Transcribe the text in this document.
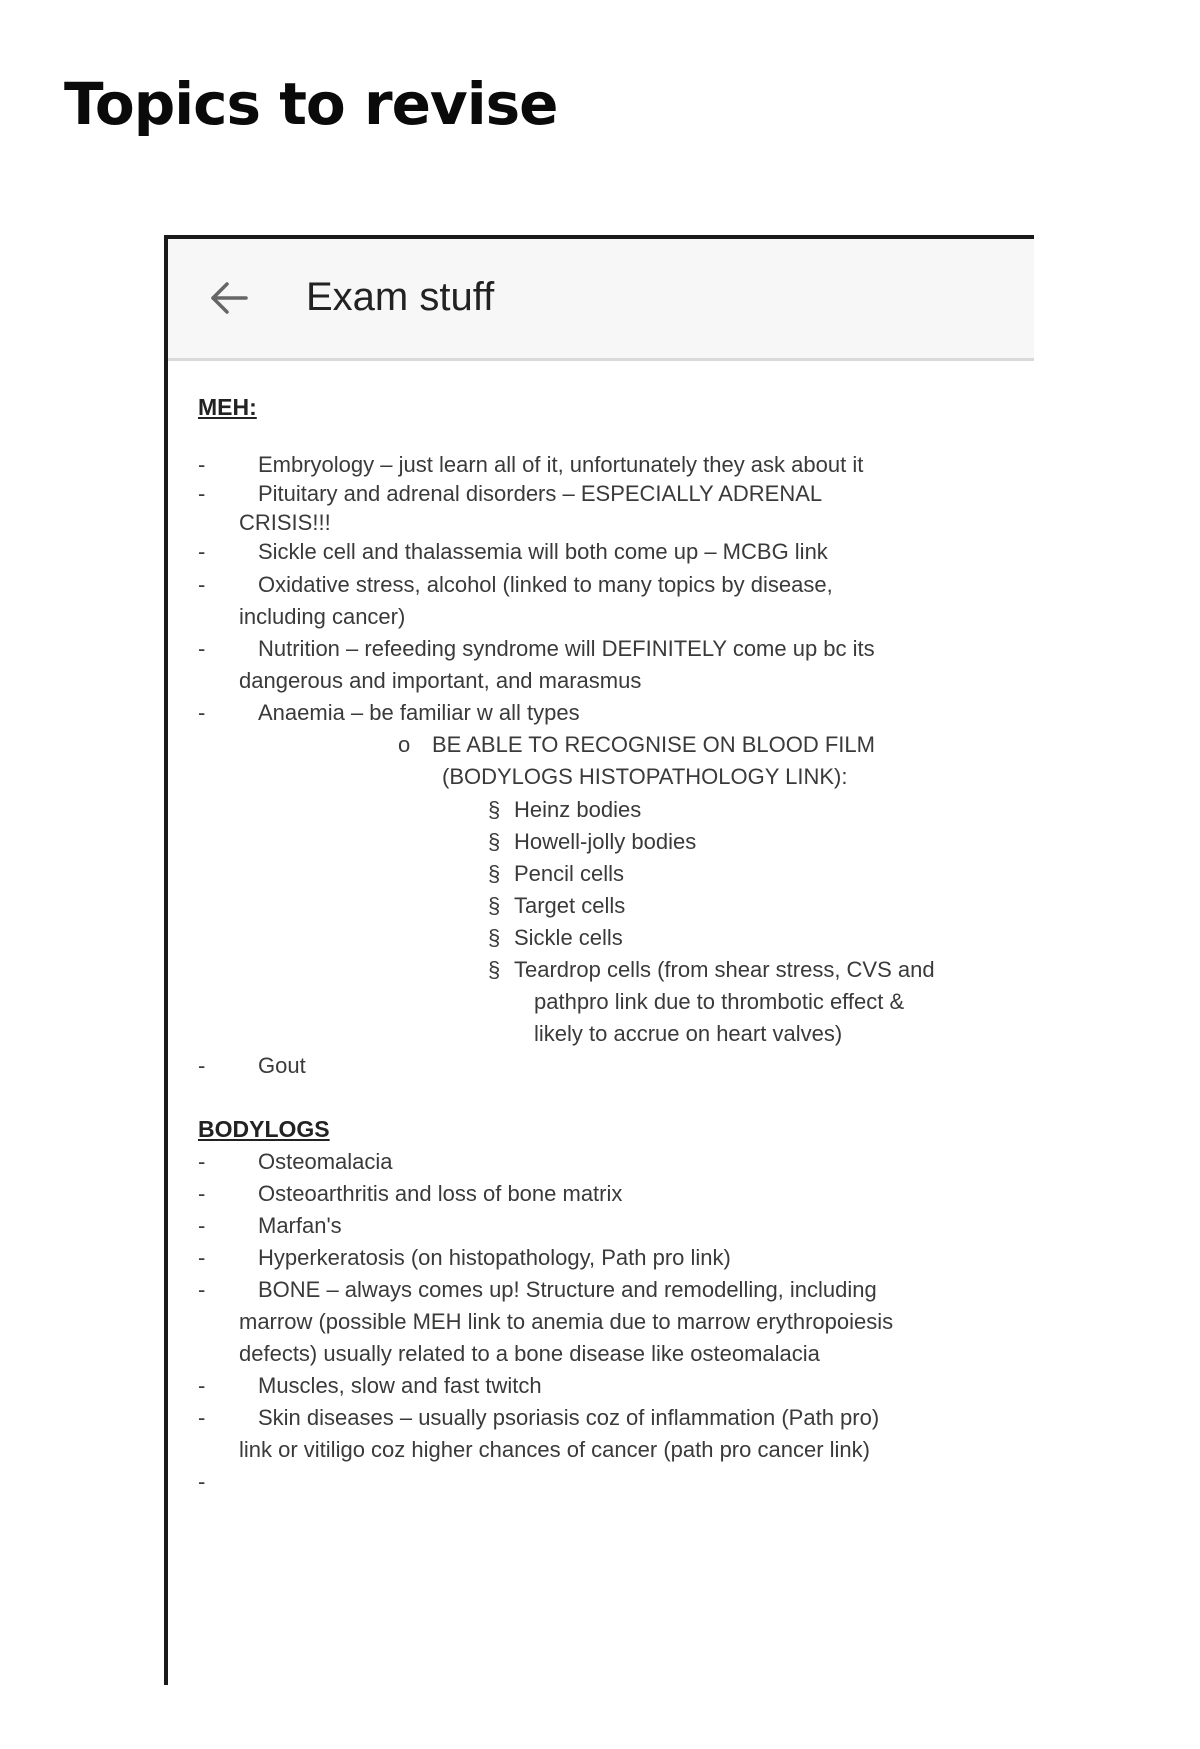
Topics to revise
Exam stuff
MEH:
- Embryology – just learn all of it, unfortunately they ask about it
- Pituitary and adrenal disorders – ESPECIALLY ADRENAL
CRISIS!!!
- Sickle cell and thalassemia will both come up – MCBG link
- Oxidative stress, alcohol (linked to many topics by disease,
including cancer)
- Nutrition – refeeding syndrome will DEFINITELY come up bc its
dangerous and important, and marasmus
- Anaemia – be familiar w all types
o BE ABLE TO RECOGNISE ON BLOOD FILM
(BODYLOGS HISTOPATHOLOGY LINK):
§ Heinz bodies
§ Howell-jolly bodies
§ Pencil cells
§ Target cells
§ Sickle cells
§ Teardrop cells (from shear stress, CVS and
pathpro link due to thrombotic effect &
likely to accrue on heart valves)
- Gout
BODYLOGS
- Osteomalacia
- Osteoarthritis and loss of bone matrix
- Marfan's
- Hyperkeratosis (on histopathology, Path pro link)
- BONE – always comes up! Structure and remodelling, including
marrow (possible MEH link to anemia due to marrow erythropoiesis
defects) usually related to a bone disease like osteomalacia
- Muscles, slow and fast twitch
- Skin diseases – usually psoriasis coz of inflammation (Path pro)
link or vitiligo coz higher chances of cancer (path pro cancer link)
-
